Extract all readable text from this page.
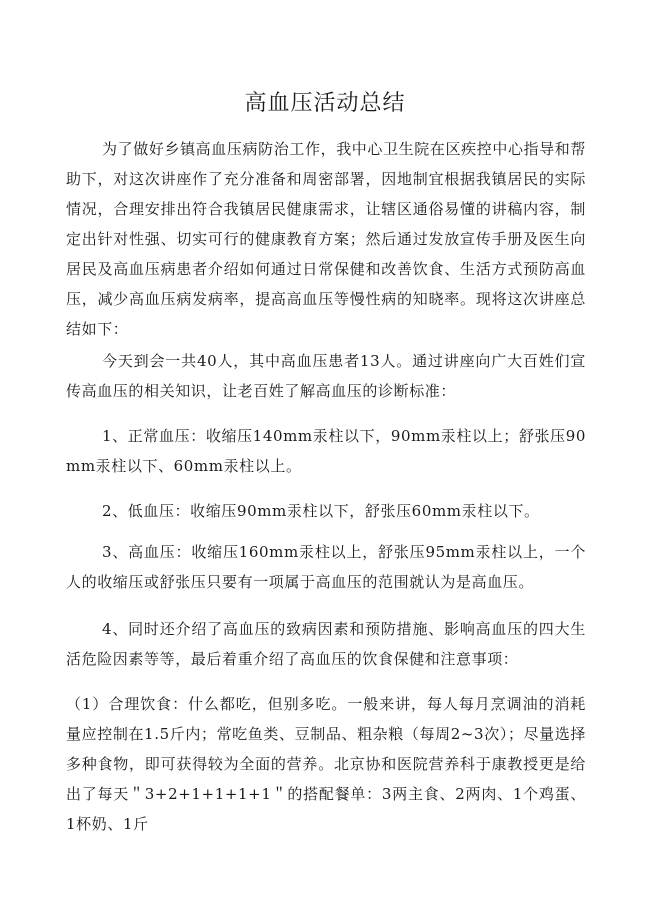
高血压活动总结

为了做好乡镇高血压病防治工作，我中心卫生院在区疾控中心指导和帮助下，对这次讲座作了充分准备和周密部署，因地制宜根据我镇居民的实际情况，合理安排出符合我镇居民健康需求，让辖区通俗易懂的讲稿内容，制定出针对性强、切实可行的健康教育方案；然后通过发放宣传手册及医生向居民及高血压病患者介绍如何通过日常保健和改善饮食、生活方式预防高血压，减少高血压病发病率，提高高血压等慢性病的知晓率。现将这次讲座总结如下：

今天到会一共40人，其中高血压患者13人。通过讲座向广大百姓们宣传高血压的相关知识，让老百姓了解高血压的诊断标准：

1、正常血压：收缩压140mm汞柱以下，90mm汞柱以上；舒张压90mm汞柱以下、60mm汞柱以上。

2、低血压：收缩压90mm汞柱以下，舒张压60mm汞柱以下。

3、高血压：收缩压160mm汞柱以上，舒张压95mm汞柱以上，一个人的收缩压或舒张压只要有一项属于高血压的范围就认为是高血压。

4、同时还介绍了高血压的致病因素和预防措施、影响高血压的四大生活危险因素等等，最后着重介绍了高血压的饮食保健和注意事项：

（1）合理饮食：什么都吃，但别多吃。一般来讲，每人每月烹调油的消耗量应控制在1.5斤内；常吃鱼类、豆制品、粗杂粮（每周2~3次）；尽量选择多种食物，即可获得较为全面的营养。北京协和医院营养科于康教授更是给出了每天＂3+2+1+1+1+1＂的搭配餐单：3两主食、2两肉、1个鸡蛋、1杯奶、1斤
